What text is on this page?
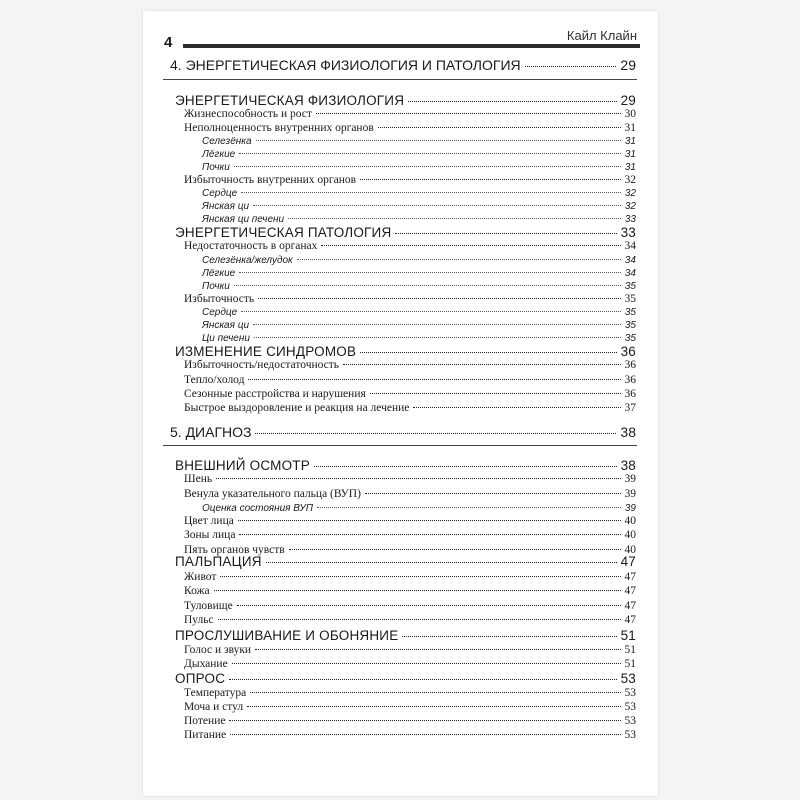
4	Кайл Клайн
4. ЭНЕРГЕТИЧЕСКАЯ ФИЗИОЛОГИЯ И ПАТОЛОГИЯ	29
ЭНЕРГЕТИЧЕСКАЯ ФИЗИОЛОГИЯ	29
Жизнеспособность и рост	30
Неполноценность внутренних органов	31
Селезёнка	31
Лёгкие	31
Почки	31
Избыточность внутренних органов	32
Сердце	32
Янская ци	32
Янская ци печени	33
ЭНЕРГЕТИЧЕСКАЯ ПАТОЛОГИЯ	33
Недостаточность в органах	34
Селезёнка/желудок	34
Лёгкие	34
Почки	35
Избыточность	35
Сердце	35
Янская ци	35
Ци печени	35
ИЗМЕНЕНИЕ СИНДРОМОВ	36
Избыточность/недостаточность	36
Тепло/холод	36
Сезонные расстройства и нарушения	36
Быстрое выздоровление и реакция на лечение	37
5. ДИАГНОЗ	38
ВНЕШНИЙ ОСМОТР	38
Шень	39
Венула указательного пальца (ВУП)	39
Оценка состояния ВУП	39
Цвет лица	40
Зоны лица	40
Пять органов чувств	40
ПАЛЬПАЦИЯ	47
Живот	47
Кожа	47
Туловище	47
Пульс	47
ПРОСЛУШИВАНИЕ И ОБОНЯНИЕ	51
Голос и звуки	51
Дыхание	51
ОПРОС	53
Температура	53
Моча и стул	53
Потение	53
Питание	53
